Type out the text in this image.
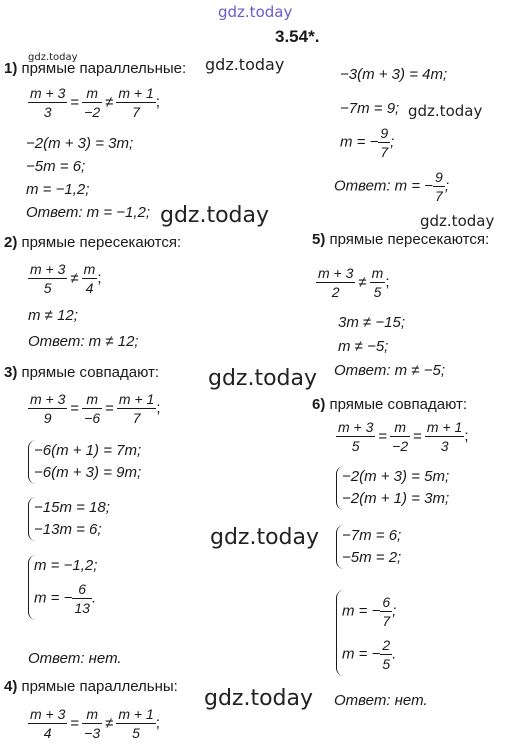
gdz.today
gdz.today	gdz.today
gdz.today
gdz.today	gdz.today
gdz.today
gdz.today
gdz.today
3.54*.
1) прямые параллельные:
$\frac{m + 3}{3} = \frac{m}{-2} \ne \frac{m + 1}{7}$ ;
−2(m + 3) = 3m;
−5m = 6;
m = −1,2;
Ответ: m = −1,2;
2) прямые пересекаются:
$\frac{m + 3}{5} \ne \frac{m}{4}$ ;
m ≠ 12;
Ответ: m ≠ 12;
3) прямые совпадают:
$\frac{m + 3}{9} = \frac{m}{-6} = \frac{m + 1}{7}$ ;
−6(m + 1) = 7m;
−6(m + 3) = 9m;
−15m = 18;
−13m = 6;
m = −1,2;
m = − $\frac{6}{13}$ .
Ответ: нет.
4) прямые параллельны:
$\frac{m + 3}{4} = \frac{m}{-3} \ne \frac{m + 1}{5}$ ;
−3(m + 3) = 4m;
−7m = 9;
m = − $\frac{9}{7}$ ;
Ответ: m = − $\frac{9}{7}$ ;
5) прямые пересекаются:
$\frac{m + 3}{2} \ne \frac{m}{5}$ ;
3m ≠ −15;
m ≠ −5;
Ответ: m ≠ −5;
6) прямые совпадают:
$\frac{m + 3}{5} = \frac{m}{-2} = \frac{m + 1}{3}$ ;
−2(m + 3) = 5m;
−2(m + 1) = 3m;
−7m = 6;
−5m = 2;
m = − $\frac{6}{7}$ ;
m = − $\frac{2}{5}$ .
Ответ: нет.
